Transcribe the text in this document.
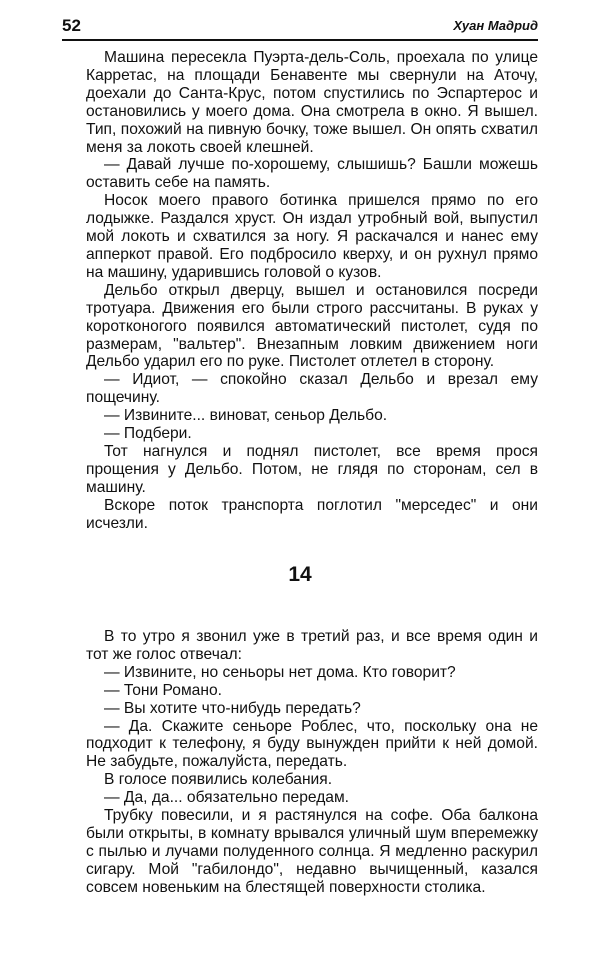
52	Хуан Мадрид

Машина пересекла Пуэрта-дель-Соль, проехала по улице Карретас, на площади Бенавенте мы свернули на Аточу, доехали до Санта-Крус, потом спустились по Эспартерос и остановились у моего дома. Она смотрела в окно. Я вышел. Тип, похожий на пивную бочку, тоже вышел. Он опять схватил меня за локоть своей клешней.

— Давай лучше по-хорошему, слышишь? Башли можешь оставить себе на память.

Носок моего правого ботинка пришелся прямо по его лодыжке. Раздался хруст. Он издал утробный вой, выпустил мой локоть и схватился за ногу. Я раскачался и нанес ему апперкот правой. Его подбросило кверху, и он рухнул прямо на машину, ударившись головой о кузов.

Дельбо открыл дверцу, вышел и остановился посреди тротуара. Движения его были строго рассчитаны. В руках у коротконогого появился автоматический пистолет, судя по размерам, "вальтер". Внезапным ловким движением ноги Дельбо ударил его по руке. Пистолет отлетел в сторону.

— Идиот, — спокойно сказал Дельбо и врезал ему пощечину.

— Извините... виноват, сеньор Дельбо.

— Подбери.

Тот нагнулся и поднял пистолет, все время прося прощения у Дельбо. Потом, не глядя по сторонам, сел в машину.

Вскоре поток транспорта поглотил "мерседес" и они исчезли.

14

В то утро я звонил уже в третий раз, и все время один и тот же голос отвечал:

— Извините, но сеньоры нет дома. Кто говорит?

— Тони Романо.

— Вы хотите что-нибудь передать?

— Да. Скажите сеньоре Роблес, что, поскольку она не подходит к телефону, я буду вынужден прийти к ней домой. Не забудьте, пожалуйста, передать.

В голосе появились колебания.

— Да, да... обязательно передам.

Трубку повесили, и я растянулся на софе. Оба балкона были открыты, в комнату врывался уличный шум вперемежку с пылью и лучами полуденного солнца. Я медленно раскурил сигару. Мой "габилондо", недавно вычищенный, казался совсем новеньким на блестящей поверхности столика.
